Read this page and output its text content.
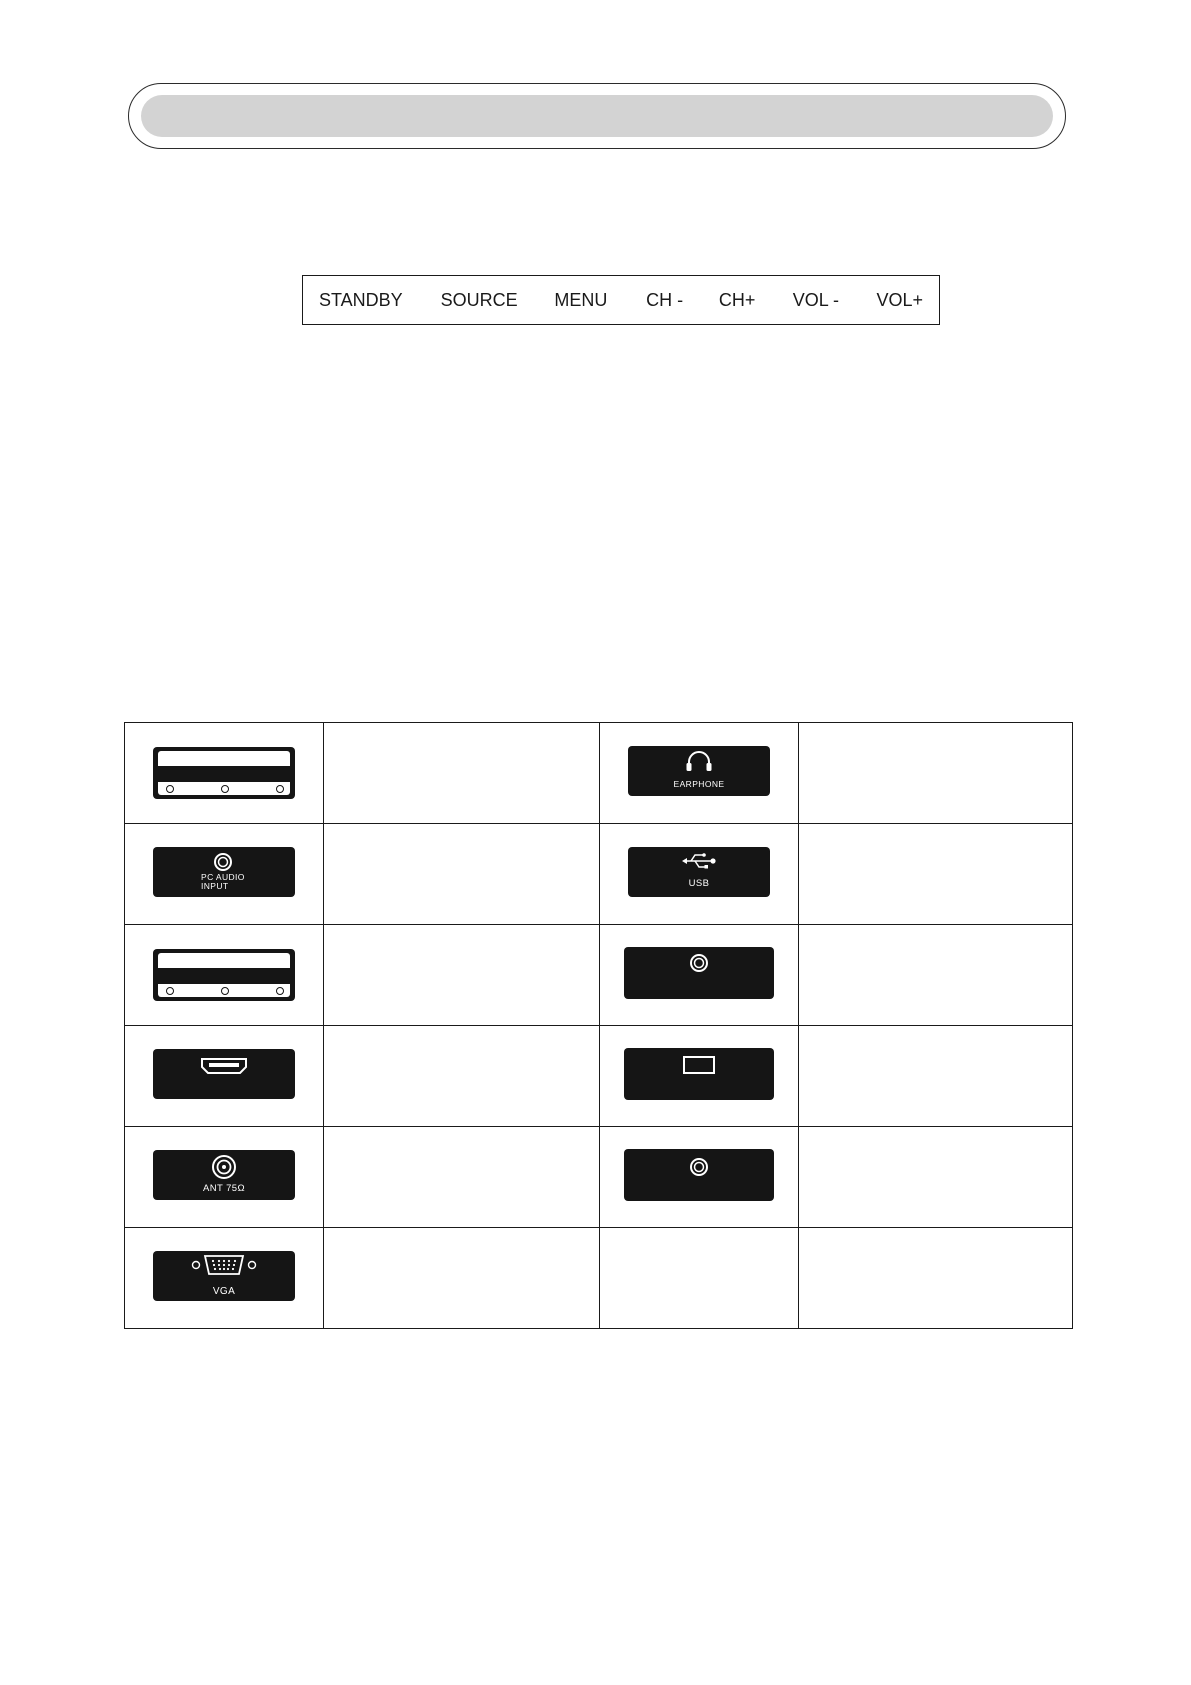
STANDBY	SOURCE	MENU	CH -	CH+	VOL -	VOL+

		EARPHONE	

PC AUDIO
INPUT		USB	

ANT 75Ω

VGA			
